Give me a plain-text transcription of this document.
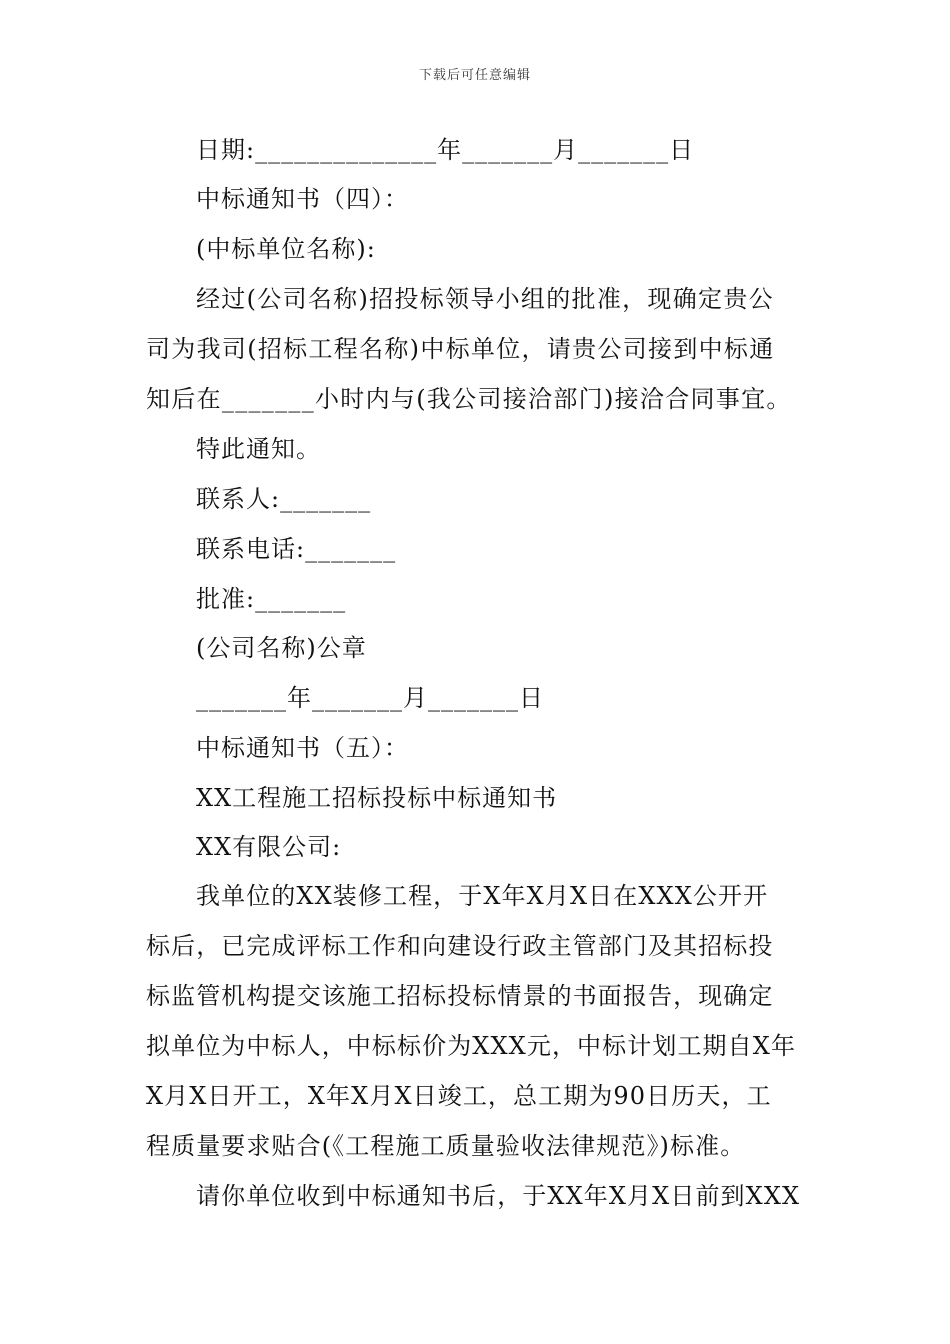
下载后可任意编辑
日期:______________年_______月_______日
中标通知书（四）：
(中标单位名称):
经过(公司名称)招投标领导小组的批准，现确定贵公
司为我司(招标工程名称)中标单位，请贵公司接到中标通
知后在_______小时内与(我公司接洽部门)接洽合同事宜。
特此通知。
联系人:_______
联系电话:_______
批准:_______
(公司名称)公章
_______年_______月_______日
中标通知书（五）：
XX工程施工招标投标中标通知书
XX有限公司:
我单位的XX装修工程，于X年X月X日在XXX公开开
标后，已完成评标工作和向建设行政主管部门及其招标投
标监管机构提交该施工招标投标情景的书面报告，现确定
拟单位为中标人，中标标价为XXX元，中标计划工期自X年
X月X日开工，X年X月X日竣工，总工期为90日历天，工
程质量要求贴合(《工程施工质量验收法律规范》)标准。
请你单位收到中标通知书后，于XX年X月X日前到XXX
